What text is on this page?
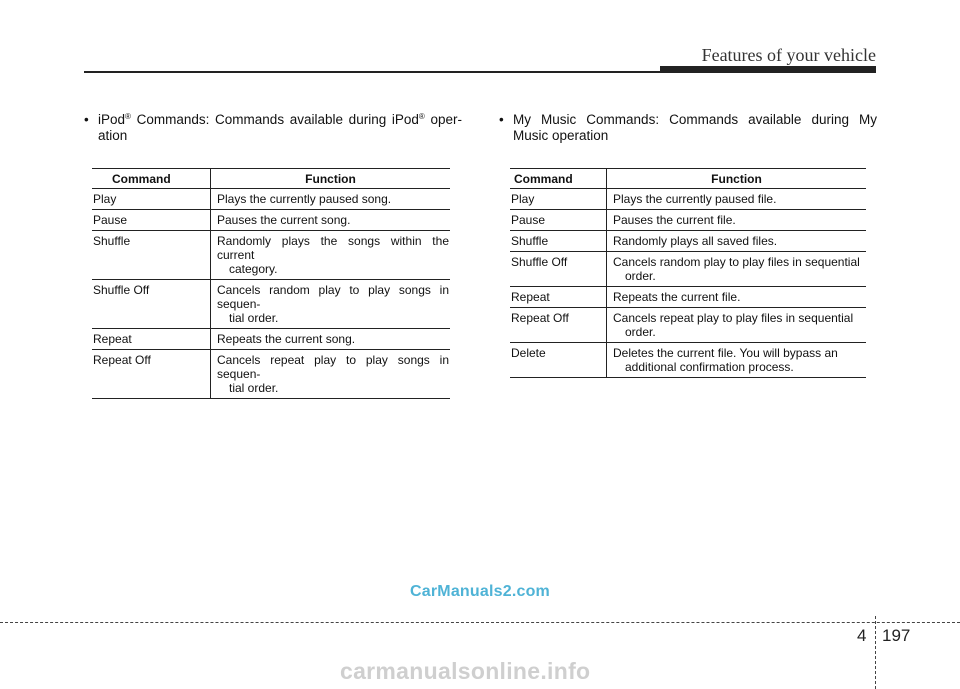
Features of your vehicle
• iPod® Commands: Commands available during iPod® oper-ation
• My Music Commands: Commands available during My Music operation
Command	Function
Play	Plays the currently paused song.

Pause	Pauses the current song.

Shuffle	Randomly plays the songs within the current
category.

Shuffle Off	Cancels random play to play songs in sequen-
tial order.

Repeat	Repeats the current song.

Repeat Off	Cancels repeat play to play songs in sequen-
tial order.
Command	Function
Play	Plays the currently paused file.

Pause	Pauses the current file.

Shuffle	Randomly plays all saved files.

Shuffle Off	Cancels random play to play files in sequential
order.

Repeat	Repeats the current file.

Repeat Off	Cancels repeat play to play files in sequential
order.

Delete	Deletes the current file. You will bypass an
additional confirmation process.
CarManuals2.com
4 197
carmanualsonline.info
